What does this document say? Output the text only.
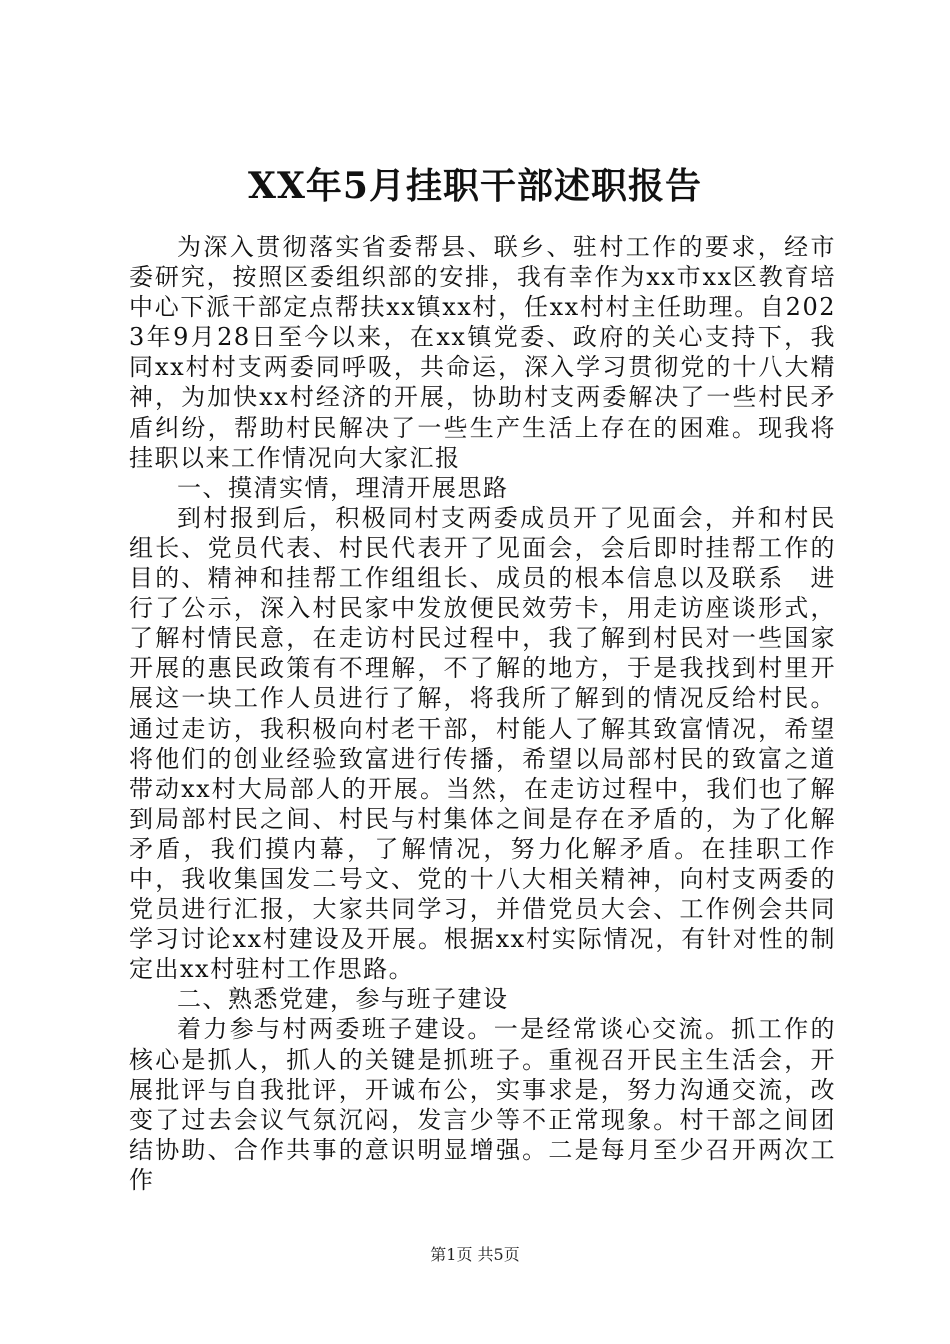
XX年5月挂职干部述职报告

为深入贯彻落实省委帮县、联乡、驻村工作的要求，经市委研究，按照区委组织部的安排，我有幸作为xx市xx区教育培中心下派干部定点帮扶xx镇xx村，任xx村村主任助理。自2023年9月28日至今以来，在xx镇党委、政府的关心支持下，我同xx村村支两委同呼吸，共命运，深入学习贯彻党的十八大精神，为加快xx村经济的开展，协助村支两委解决了一些村民矛盾纠纷，帮助村民解决了一些生产生活上存在的困难。现我将挂职以来工作情况向大家汇报

一、摸清实情，理清开展思路

到村报到后，积极同村支两委成员开了见面会，并和村民组长、党员代表、村民代表开了见面会，会后即时挂帮工作的目的、精神和挂帮工作组组长、成员的根本信息以及联系　进行了公示，深入村民家中发放便民效劳卡，用走访座谈形式，了解村情民意，在走访村民过程中，我了解到村民对一些国家开展的惠民政策有不理解，不了解的地方，于是我找到村里开展这一块工作人员进行了解，将我所了解到的情况反给村民。通过走访，我积极向村老干部，村能人了解其致富情况，希望将他们的创业经验致富进行传播，希望以局部村民的致富之道带动xx村大局部人的开展。当然，在走访过程中，我们也了解到局部村民之间、村民与村集体之间是存在矛盾的，为了化解矛盾，我们摸内幕，了解情况，努力化解矛盾。在挂职工作中，我收集国发二号文、党的十八大相关精神，向村支两委的党员进行汇报，大家共同学习，并借党员大会、工作例会共同学习讨论xx村建设及开展。根据xx村实际情况，有针对性的制定出xx村驻村工作思路。

二、熟悉党建，参与班子建设

着力参与村两委班子建设。一是经常谈心交流。抓工作的核心是抓人，抓人的关键是抓班子。重视召开民主生活会，开展批评与自我批评，开诚布公，实事求是，努力沟通交流，改变了过去会议气氛沉闷，发言少等不正常现象。村干部之间团结协助、合作共事的意识明显增强。二是每月至少召开两次工作

第1页 共5页
